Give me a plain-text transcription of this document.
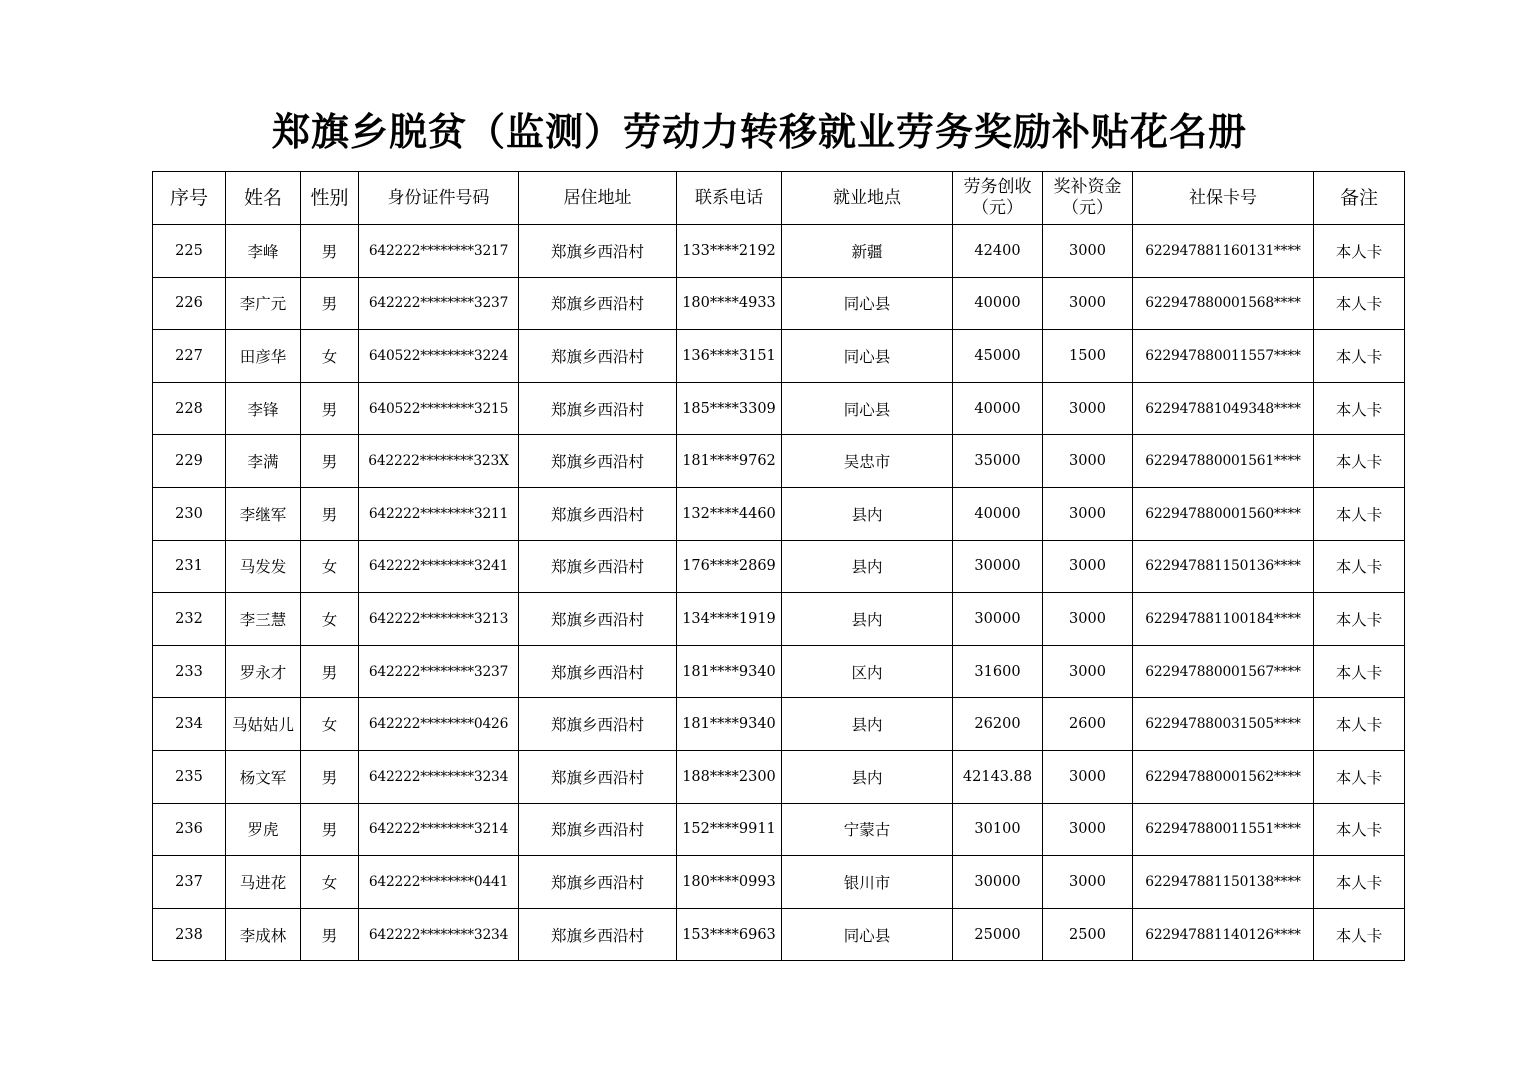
郑旗乡脱贫（监测）劳动力转移就业劳务奖励补贴花名册
序号	姓名	性别	身份证件号码	居住地址	联系电话	就业地点	劳务创收（元）	奖补资金（元）	社保卡号	备注
225	李峰	男	642222********3217	郑旗乡西沿村	133****2192	新疆	42400	3000	622947881160131****	本人卡
226	李广元	男	642222********3237	郑旗乡西沿村	180****4933	同心县	40000	3000	622947880001568****	本人卡
227	田彦华	女	640522********3224	郑旗乡西沿村	136****3151	同心县	45000	1500	622947880011557****	本人卡
228	李锋	男	640522********3215	郑旗乡西沿村	185****3309	同心县	40000	3000	622947881049348****	本人卡
229	李满	男	642222********323X	郑旗乡西沿村	181****9762	吴忠市	35000	3000	622947880001561****	本人卡
230	李继军	男	642222********3211	郑旗乡西沿村	132****4460	县内	40000	3000	622947880001560****	本人卡
231	马发发	女	642222********3241	郑旗乡西沿村	176****2869	县内	30000	3000	622947881150136****	本人卡
232	李三慧	女	642222********3213	郑旗乡西沿村	134****1919	县内	30000	3000	622947881100184****	本人卡
233	罗永才	男	642222********3237	郑旗乡西沿村	181****9340	区内	31600	3000	622947880001567****	本人卡
234	马姑姑儿	女	642222********0426	郑旗乡西沿村	181****9340	县内	26200	2600	622947880031505****	本人卡
235	杨文军	男	642222********3234	郑旗乡西沿村	188****2300	县内	42143.88	3000	622947880001562****	本人卡
236	罗虎	男	642222********3214	郑旗乡西沿村	152****9911	宁蒙古	30100	3000	622947880011551****	本人卡
237	马进花	女	642222********0441	郑旗乡西沿村	180****0993	银川市	30000	3000	622947881150138****	本人卡
238	李成林	男	642222********3234	郑旗乡西沿村	153****6963	同心县	25000	2500	622947881140126****	本人卡
